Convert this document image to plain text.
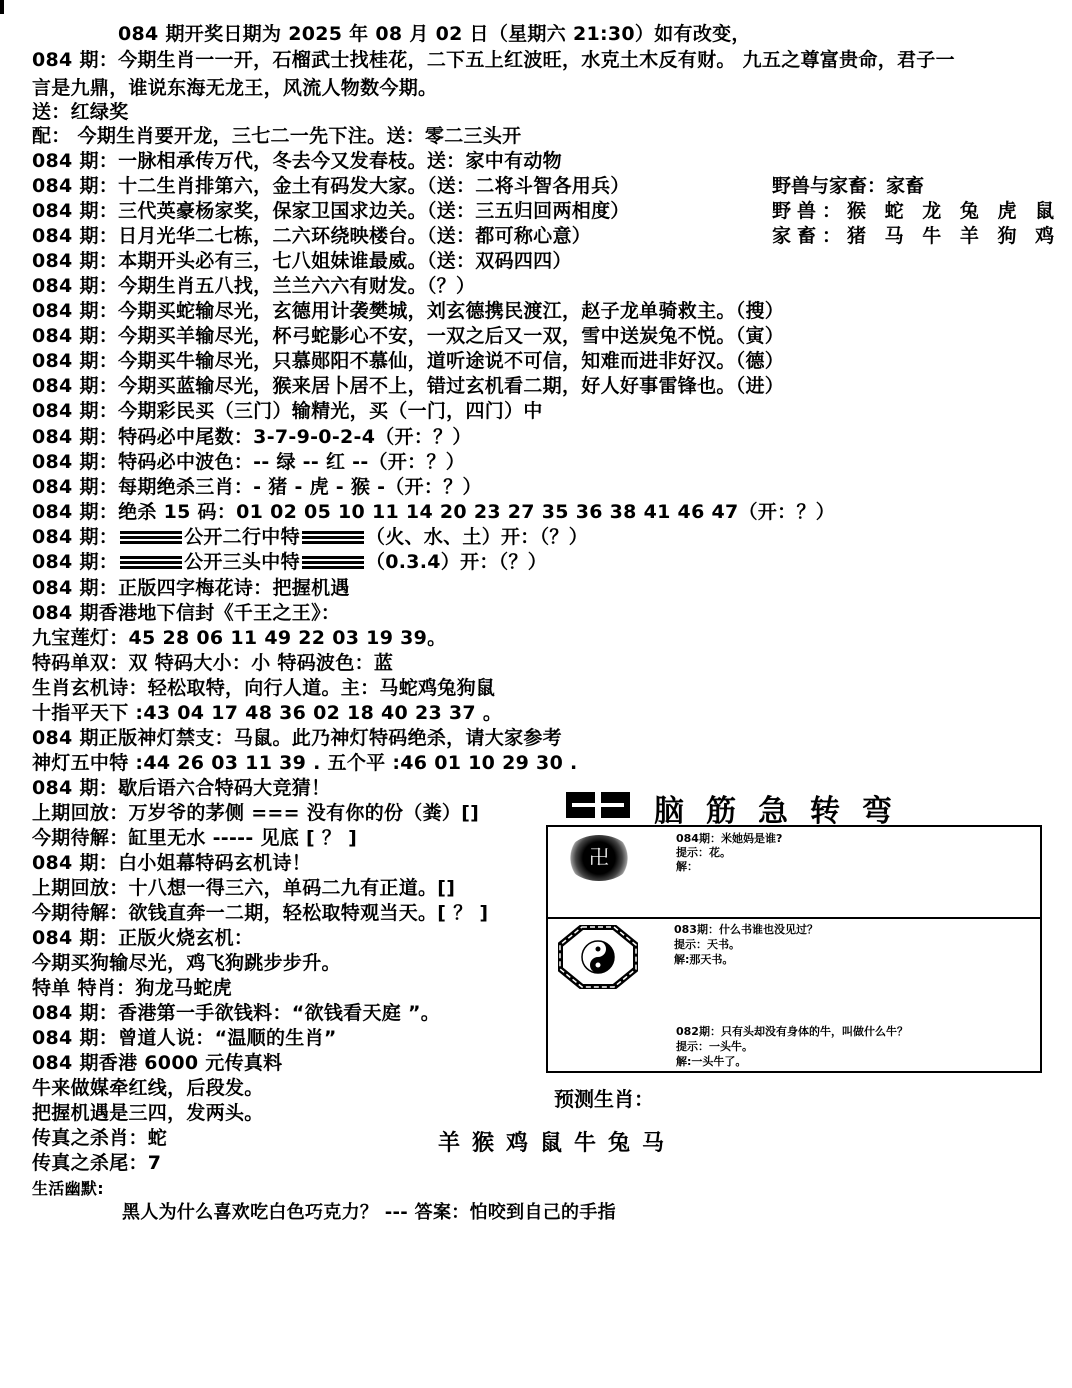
084 期开奖日期为 2025 年 08 月 02 日（星期六 21:30）如有改变，
084 期：今期生肖一一开，石榴武士找桂花，二下五上红波旺，水克土木反有财。 九五之尊富贵命，君子一
言是九鼎，谁说东海无龙王，风流人物数今期。
送：红绿奖
配： 今期生肖要开龙，三七二一先下注。送：零二三头开
084 期：一脉相承传万代，冬去今又发春枝。送：家中有动物
084 期：十二生肖排第六，金土有码发大家。（送：二将斗智各用兵）
084 期：三代英豪杨家奖，保家卫国求边关。（送：三五归回两相度）
084 期：日月光华二七栋，二六环绕映楼台。（送：都可称心意）
084 期：本期开头必有三，七八姐妹谁最威。（送：双码四四）
084 期：今期生肖五八找，兰兰六六有财发。（？）
084 期：今期买蛇输尽光，玄德用计袭樊城，刘玄德携民渡江，赵子龙单骑救主。（搜）
084 期：今期买羊输尽光，杯弓蛇影心不安，一双之后又一双，雪中送炭兔不悦。（寅）
084 期：今期买牛输尽光，只慕郧阳不慕仙，道听途说不可信，知难而进非好汉。（德）
084 期：今期买蓝输尽光，猴来居卜居不上，错过玄机看二期，好人好事雷锋也。（进）
084 期：今期彩民买（三门）输精光，买（一门，四门）中
084 期：特码必中尾数：3-7-9-0-2-4（开：？）
084 期：特码必中波色：-- 绿 -- 红 --（开：？）
084 期：每期绝杀三肖：- 猪 - 虎 - 猴 -（开：？）
084 期：绝杀 15 码：01 02 05 10 11 14 20 23 27 35 36 38 41 46 47（开：？）
084 期：	公开二行中特	（火、水、土）开：（？）
084 期：	公开三头中特	（0.3.4）开：（？）
084 期：正版四字梅花诗：把握机遇
084 期香港地下信封《千王之王》：
九宝莲灯：45 28 06 11 49 22 03 19 39。
特码单双：双 特码大小：小 特码波色：蓝
生肖玄机诗：轻松取特，向行人道。主：马蛇鸡兔狗鼠
十指平天下 :43 04 17 48 36 02 18 40 23 37 。
084 期正版神灯禁支：马鼠。此乃神灯特码绝杀，请大家参考
神灯五中特 :44 26 03 11 39 . 五个平 :46 01 10 29 30 .
084 期：歇后语六合特码大竞猜！
上期回放：万岁爷的茅侧 === 没有你的份（粪）[]
今期待解：缸里无水 ----- 见底 [ ？ ]
084 期：白小姐幕特码玄机诗！
上期回放：十八想一得三六，单码二九有正道。[]
今期待解：欲钱直奔一二期，轻松取特观当天。[ ？ ]
084 期：正版火烧玄机：
今期买狗输尽光，鸡飞狗跳步步升。
特单 特肖：狗龙马蛇虎
084 期：香港第一手欲钱料：“欲钱看天庭 ”。
084 期：曾道人说：“温顺的生肖”
084 期香港 6000 元传真料
牛来做媒牵红线，后段发。
把握机遇是三四，发两头。
传真之杀肖：蛇
传真之杀尾：7
生活幽默:
黑人为什么喜欢吃白色巧克力？ --- 答案：怕咬到自己的手指
野兽与家畜：家畜
野兽：猴 蛇 龙 兔 虎 鼠
家畜：猪 马 牛 羊 狗 鸡
脑筋急转弯
卍
084期：米她妈是谁?
提示：花。
解：
083期：什么书谁也没见过？
提示：天书。
解:那天书。
082期：只有头却没有身体的牛，叫做什么牛？
提示：一头牛。
解:一头牛了。
预测生肖：
羊猴鸡鼠牛兔马
